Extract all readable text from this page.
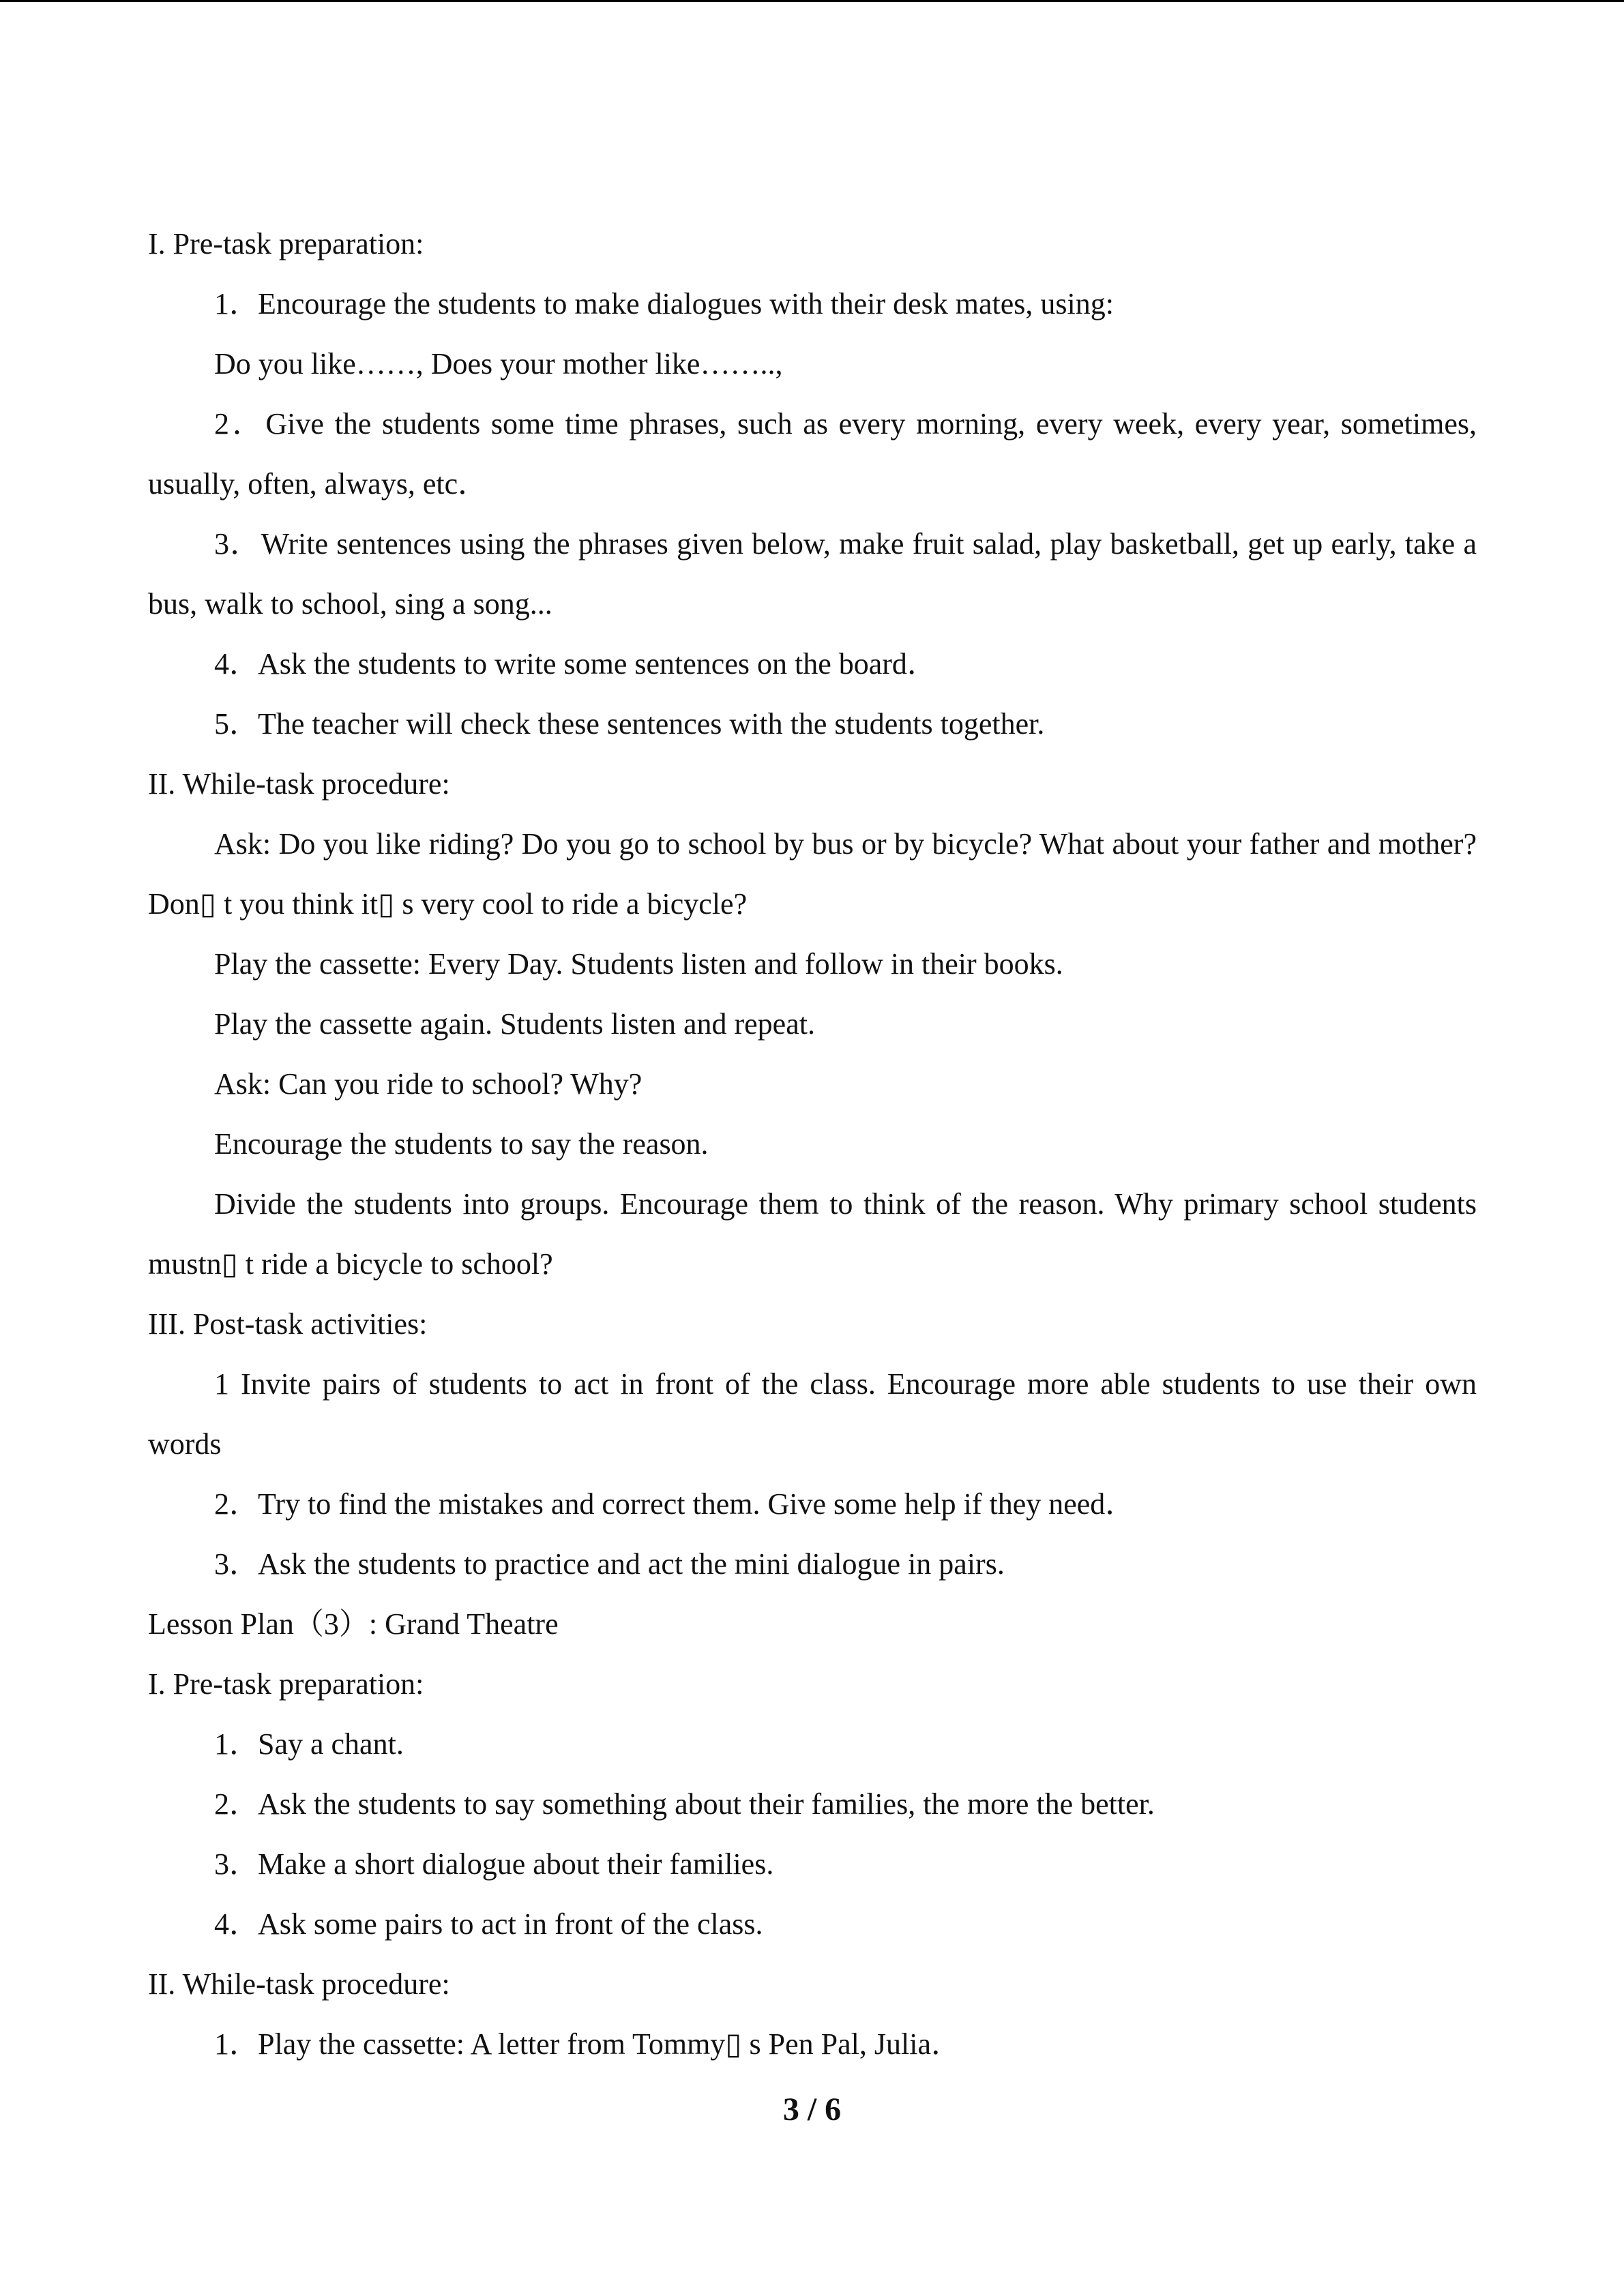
I. Pre-task preparation:
1．Encourage the students to make dialogues with their desk mates, using:
Do you like……, Does your mother like……..,
2．Give the students some time phrases, such as every morning, every week, every year, sometimes, usually, often, always, etc．
3．Write sentences using the phrases given below, make fruit salad, play basketball, get up early, take a bus, walk to school, sing a song...
4．Ask the students to write some sentences on the board．
5．The teacher will check these sentences with the students together.
II. While-task procedure:
Ask: Do you like riding? Do you go to school by bus or by bicycle? What about your father and mother? Don▯ t you think it▯ s very cool to ride a bicycle?
Play the cassette: Every Day. Students listen and follow in their books.
Play the cassette again. Students listen and repeat.
Ask: Can you ride to school? Why?
Encourage the students to say the reason.
Divide the students into groups. Encourage them to think of the reason. Why primary school students mustn▯ t ride a bicycle to school?
III. Post-task activities:
1 Invite pairs of students to act in front of the class. Encourage more able students to use their own words
2．Try to find the mistakes and correct them. Give some help if they need．
3．Ask the students to practice and act the mini dialogue in pairs.
Lesson Plan（3）: Grand Theatre
I. Pre-task preparation:
1．Say a chant.
2．Ask the students to say something about their families, the more the better.
3．Make a short dialogue about their families.
4．Ask some pairs to act in front of the class.
II. While-task procedure:
1．Play the cassette: A letter from Tommy▯ s Pen Pal, Julia．
3 / 6
